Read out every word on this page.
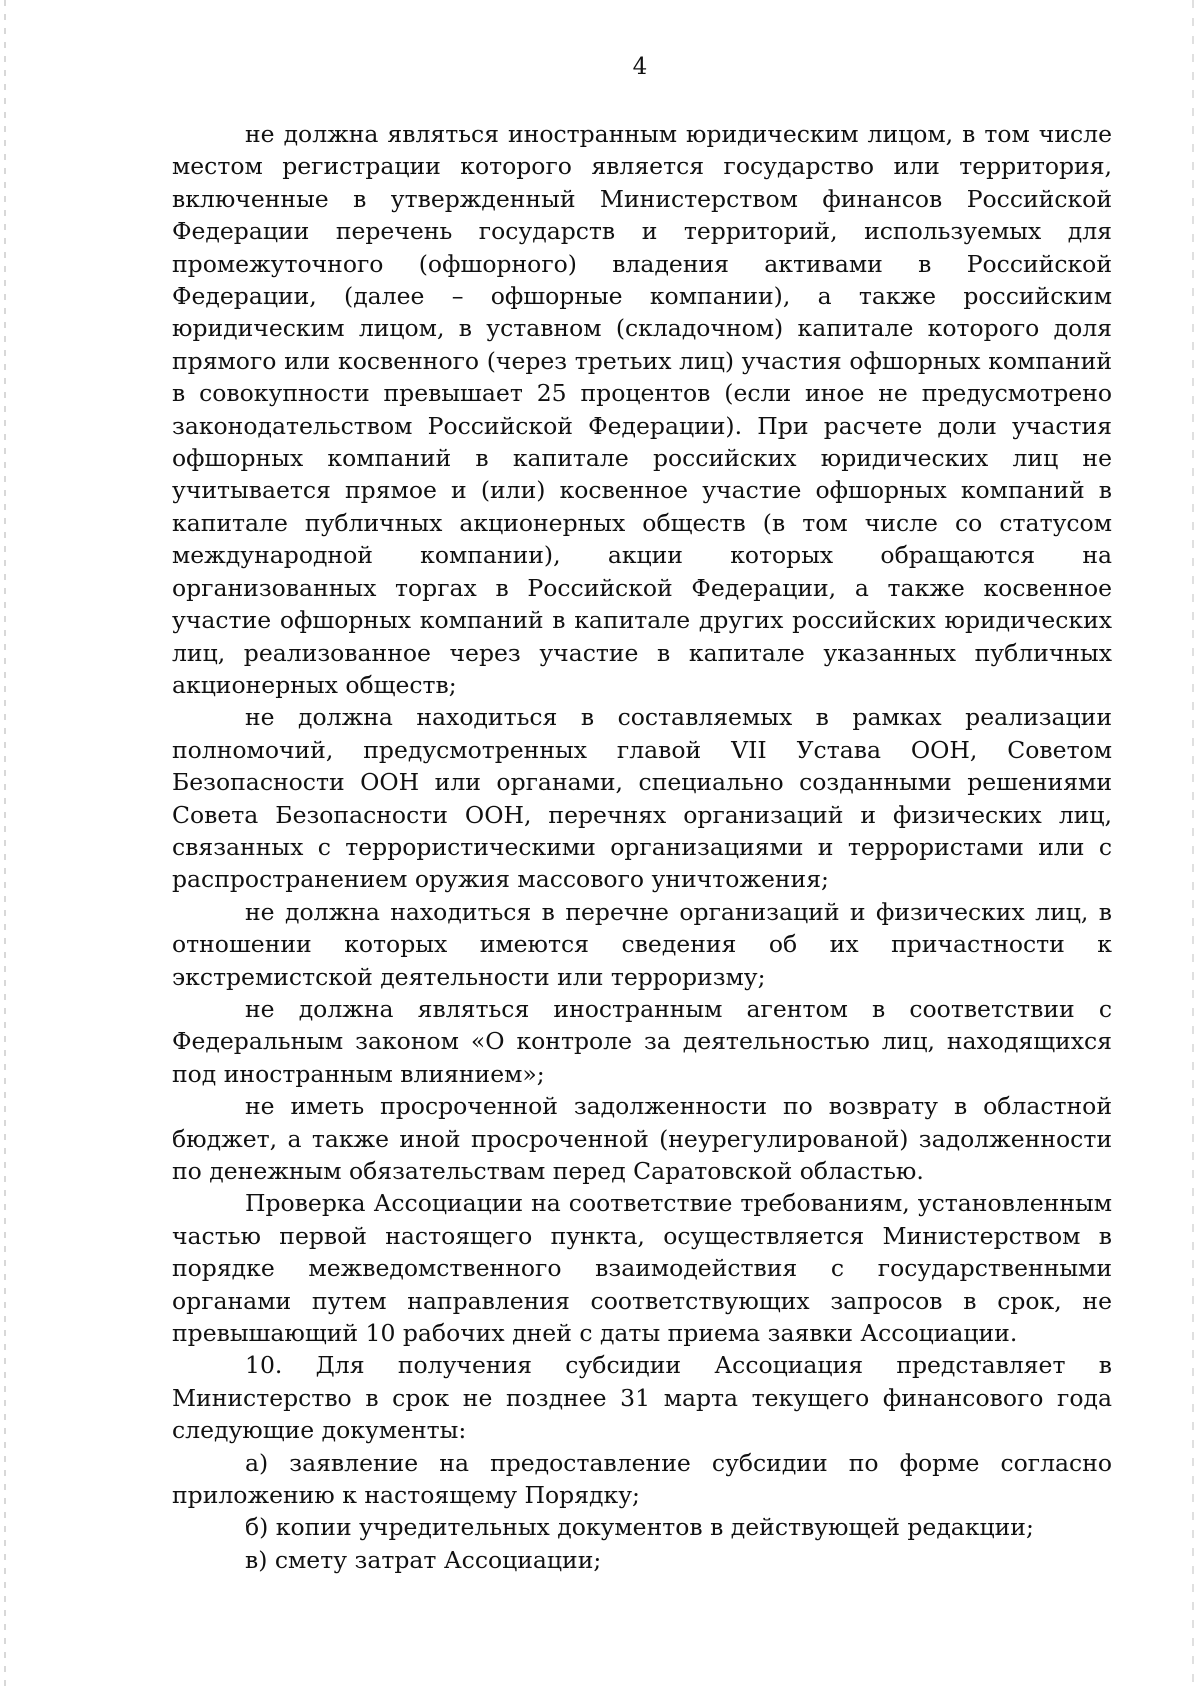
4

не должна являться иностранным юридическим лицом, в том числе местом регистрации которого является государство или территория, включенные в утвержденный Министерством финансов Российской Федерации перечень государств и территорий, используемых для промежуточного (офшорного) владения активами в Российской Федерации, (далее – офшорные компании), а также российским юридическим лицом, в уставном (складочном) капитале которого доля прямого или косвенного (через третьих лиц) участия офшорных компаний в совокупности превышает 25 процентов (если иное не предусмотрено законодательством Российской Федерации). При расчете доли участия офшорных компаний в капитале российских юридических лиц не учитывается прямое и (или) косвенное участие офшорных компаний в капитале публичных акционерных обществ (в том числе со статусом международной компании), акции которых обращаются на организованных торгах в Российской Федерации, а также косвенное участие офшорных компаний в капитале других российских юридических лиц, реализованное через участие в капитале указанных публичных акционерных обществ;

не должна находиться в составляемых в рамках реализации полномочий, предусмотренных главой VII Устава ООН, Советом Безопасности ООН или органами, специально созданными решениями Совета Безопасности ООН, перечнях организаций и физических лиц, связанных с террористическими организациями и террористами или с распространением оружия массового уничтожения;

не должна находиться в перечне организаций и физических лиц, в отношении которых имеются сведения об их причастности к экстремистской деятельности или терроризму;

не должна являться иностранным агентом в соответствии с Федеральным законом «О контроле за деятельностью лиц, находящихся под иностранным влиянием»;

не иметь просроченной задолженности по возврату в областной бюджет, а также иной просроченной (неурегулированой) задолженности по денежным обязательствам перед Саратовской областью.

Проверка Ассоциации на соответствие требованиям, установленным частью первой настоящего пункта, осуществляется Министерством в порядке межведомственного взаимодействия с государственными органами путем направления соответствующих запросов в срок, не превышающий 10 рабочих дней с даты приема заявки Ассоциации.

10. Для получения субсидии Ассоциация представляет в Министерство в срок не позднее 31 марта текущего финансового года следующие документы:

а) заявление на предоставление субсидии по форме согласно приложению к настоящему Порядку;

б) копии учредительных документов в действующей редакции;

в) смету затрат Ассоциации;
